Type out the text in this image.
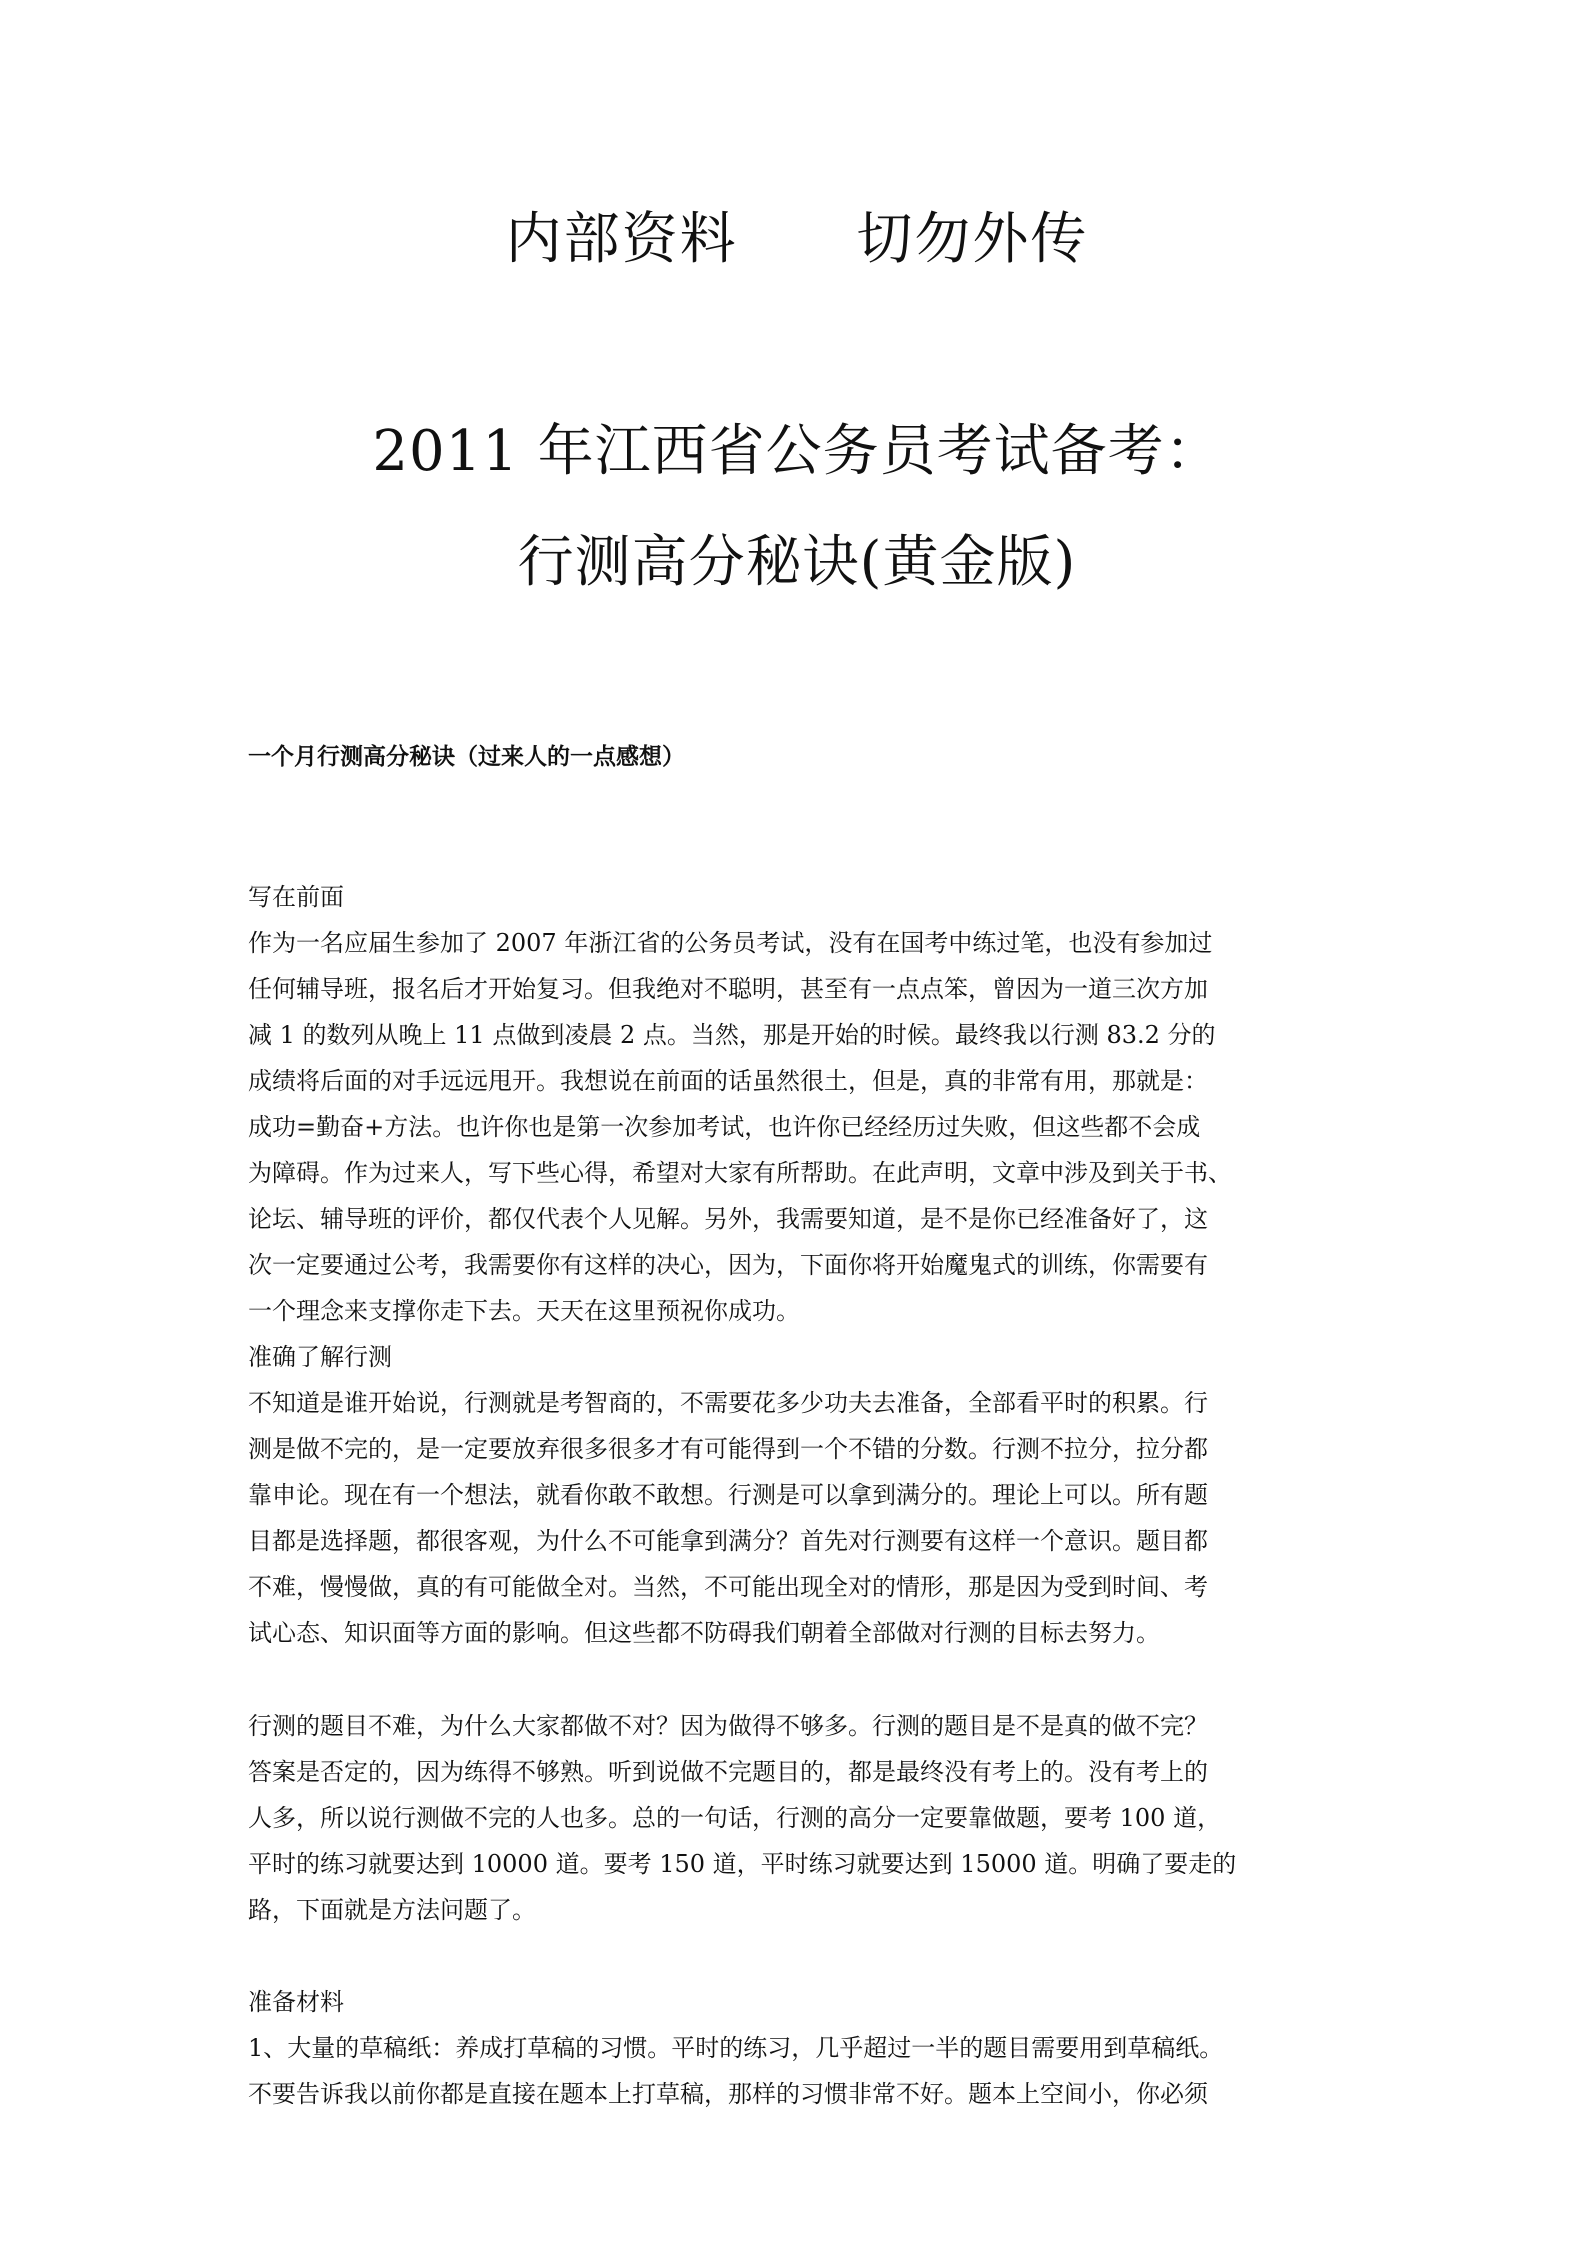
内部资料      切勿外传
2011 年江西省公务员考试备考：
行测高分秘诀(黄金版)
一个月行测高分秘诀（过来人的一点感想）
写在前面
作为一名应届生参加了 2007 年浙江省的公务员考试，没有在国考中练过笔，也没有参加过
任何辅导班，报名后才开始复习。但我绝对不聪明，甚至有一点点笨，曾因为一道三次方加
减 1 的数列从晚上 11 点做到凌晨 2 点。当然，那是开始的时候。最终我以行测 83.2 分的
成绩将后面的对手远远甩开。我想说在前面的话虽然很土，但是，真的非常有用，那就是：
成功=勤奋+方法。也许你也是第一次参加考试，也许你已经经历过失败，但这些都不会成
为障碍。作为过来人，写下些心得，希望对大家有所帮助。在此声明，文章中涉及到关于书、
论坛、辅导班的评价，都仅代表个人见解。另外，我需要知道，是不是你已经准备好了，这
次一定要通过公考，我需要你有这样的决心，因为，下面你将开始魔鬼式的训练，你需要有
一个理念来支撑你走下去。天天在这里预祝你成功。
准确了解行测
不知道是谁开始说，行测就是考智商的，不需要花多少功夫去准备，全部看平时的积累。行
测是做不完的，是一定要放弃很多很多才有可能得到一个不错的分数。行测不拉分，拉分都
靠申论。现在有一个想法，就看你敢不敢想。行测是可以拿到满分的。理论上可以。所有题
目都是选择题，都很客观，为什么不可能拿到满分？首先对行测要有这样一个意识。题目都
不难，慢慢做，真的有可能做全对。当然，不可能出现全对的情形，那是因为受到时间、考
试心态、知识面等方面的影响。但这些都不防碍我们朝着全部做对行测的目标去努力。
行测的题目不难，为什么大家都做不对？因为做得不够多。行测的题目是不是真的做不完？
答案是否定的，因为练得不够熟。听到说做不完题目的，都是最终没有考上的。没有考上的
人多，所以说行测做不完的人也多。总的一句话，行测的高分一定要靠做题，要考 100 道，
平时的练习就要达到 10000 道。要考 150 道，平时练习就要达到 15000 道。明确了要走的
路，下面就是方法问题了。
准备材料
1、大量的草稿纸：养成打草稿的习惯。平时的练习，几乎超过一半的题目需要用到草稿纸。
不要告诉我以前你都是直接在题本上打草稿，那样的习惯非常不好。题本上空间小，你必须
